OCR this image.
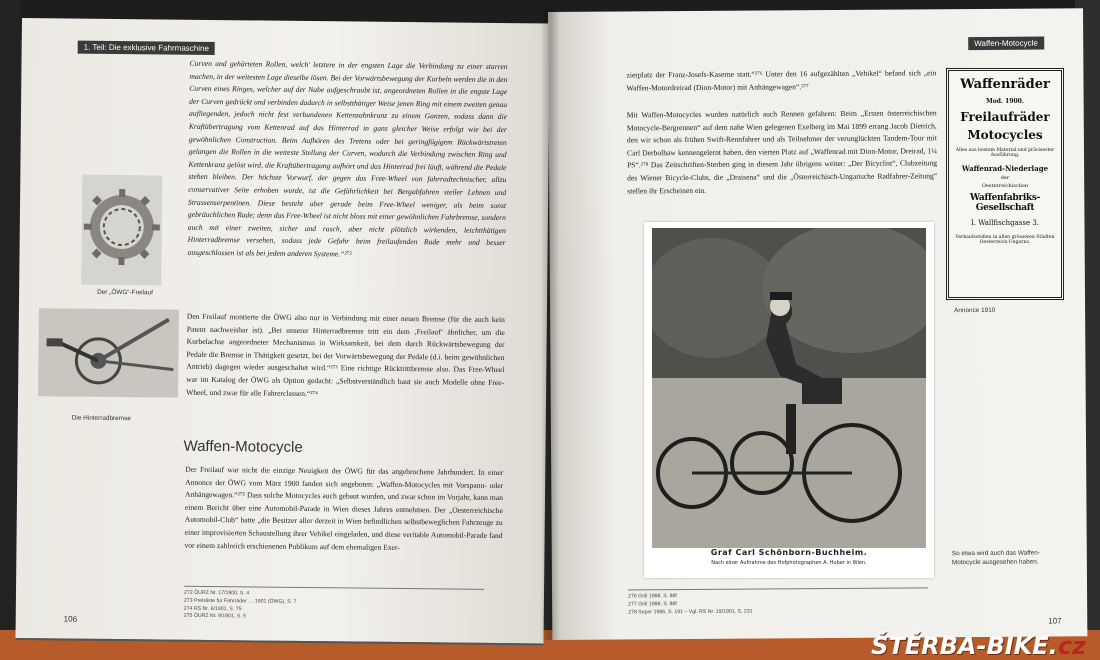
1. Teil: Die exklusive Fahrmaschine
Curven und gehärteten Rollen, welch' letztere in der engsten Lage die Verbindung zu einer starren machen, in der weitesten Lage dieselbe lösen. Bei der Vorwärtsbewegung der Kurbeln werden die in den Curven eines Ringes, welcher auf der Nabe aufgeschraubt ist, angeordneten Rollen in die engste Lage der Curven gedrückt und verbinden dadurch in selbstthätiger Weise jenen Ring mit einem zweiten genau aufliegenden, jedoch nicht fest verbundenen Kettenzahnkranz zu einem Ganzen, sodass dann die Kraftübertragung vom Kettenrad auf das Hinterrad in ganz gleicher Weise erfolgt wie bei der gewöhnlichen Construction. Beim Aufhören des Tretens oder bei geringfügigem Rückwärtstreten gelangen die Rollen in die weiteste Stellung der Curven, wodurch die Verbindung zwischen Ring und Kettenkranz gelöst wird, die Kraftübertragung aufhört und das Hinterrad frei läuft, während die Pedale stehen bleiben. Der höchste Vorwurf, der gegen das Free-Wheel von fahrradtechnischer, allzu conservativer Seite erhoben wurde, ist die Gefährlichkeit bei Bergabfahren steiler Lehnen und Strassenserpentinen. Diese besteht aber gerade beim Free-Wheel weniger, als beim sonst gebräuchlichen Rade; denn das Free-Wheel ist nicht bloss mit einer gewöhnlichen Fahrbremse, sondern auch mit einer zweiten, sicher und rasch, aber nicht plötzlich wirkenden, leichtthätigen Hinterradbremse versehen, sodass jede Gefahr beim freilaufenden Rade mehr und besser ausgeschlossen ist als bei jedem anderen Systeme.“²⁷²
Der „ÖWG“-Freilauf
Die Hinterradbremse
Den Freilauf montierte die ÖWG also nur in Verbindung mit einer neuen Bremse (für die auch kein Patent nachweisbar ist). „Bei unserer Hinterradbremse tritt ein dem ‚Freilauf‘ ähnlicher, um die Kurbelachse angeordneter Mechanismus in Wirksamkeit, bei dem durch Rückwärtsbewegung der Pedale die Bremse in Thätigkeit gesetzt, bei der Vorwärtsbewegung der Pedale (d.i. beim gewöhnlichen Antrieb) dagegen wieder ausgeschaltet wird.“²⁷³ Eine richtige Rücktrittbremse also. Das Free-Wheel war im Katalog der ÖWG als Option gedacht: „Selbstverständlich baut sie auch Modelle ohne Free-Wheel, und zwar für alle Fahrerclassen.“²⁷⁴
Waffen-Motocycle
Der Freilauf war nicht die einzige Neuigkeit der ÖWG für das angebrochene Jahrhundert. In einer Annonce der ÖWG vom März 1900 fanden sich angeboten: „Waffen-Motocycles mit Vorspann- oder Anhängewagen.“²⁷⁵ Dass solche Motocycles auch gebaut wurden, und zwar schon im Vorjahr, kann man einem Bericht über eine Automobil-Parade in Wien dieses Jahres entnehmen. Der „Oesterreichische Automobil-Club“ hatte „die Besitzer aller derzeit in Wien befindlichen selbstbeweglichen Fahrzeuge zu einer improvisierten Schaustellung ihrer Vehikel eingeladen, und diese veritable Automobil-Parade fand vor einem zahlreich erschienenen Publikum auf dem ehemaligen Exer-
272 ÖURZ Nr. 17/1900, S. 4
273 Preisliste für Fahrräder … 1901 (ÖWG), S. 7
274 RS Nr. 6/1901, S. 75
275 ÖURZ Nr. 9/1901, S. 5
106
Waffen-Motocycle
zierplatz der Franz-Josefs-Kaserne statt.“²⁷⁶ Unter den 16 aufgezählten „Vehikel“ befand sich „ein Waffen-Motordreirad (Dion-Motor) mit Anhängewagen“.²⁷⁷
Mit Waffen-Motocycles wurden natürlich auch Rennen gefahren: Beim „Ersten österreichischen Motocycle-Bergrennen“ auf dem nahe Wien gelegenen Exelberg im Mai 1899 errang Jacob Dietrich, den wir schon als frühen Swift-Rennfahrer und als Teilnehmer der verunglückten Tandem-Tour mit Carl Derbolhaw kennengelernt haben, den vierten Platz auf „Waffenrad mit Dion-Motor, Dreirad, 1¼ PS“.²⁷⁸ Das Zeitschriften-Sterben ging in diesem Jahr übrigens weiter: „Der Bicyclist“, Clubzeitung des Wiener Bicycle-Clubs, die „Draisena“ und die „Österreichisch-Ungarische Radfahrer-Zeitung“ stellen ihr Erscheinen ein.
276 Grill 1988, S. 88f
277 Grill 1988, S. 88f
278 Seper 1986, S. 191 – Vgl. RS Nr. 19/1901, S. 231
107
So etwa wird auch das Waffen-Motocycle ausgesehen haben.
Annonce 1910
Graf Carl Schönborn-Buchheim.
Nach einer Aufnahme des Hofphotographen A. Huber in Wien.
Waffenräder Mod. 1900.
Freilaufräder
Motocycles
Alles aus bestem Material und präcisester Ausführung.
Waffenrad-Niederlage
der
Oesterreichischen
Waffenfabriks-Gesellschaft
I. Wallfischgasse 3.
Verkaufsstellen in allen grösseren Städten Oesterreich-Ungarns.
ŠTĚRBA-BIKE.cz
